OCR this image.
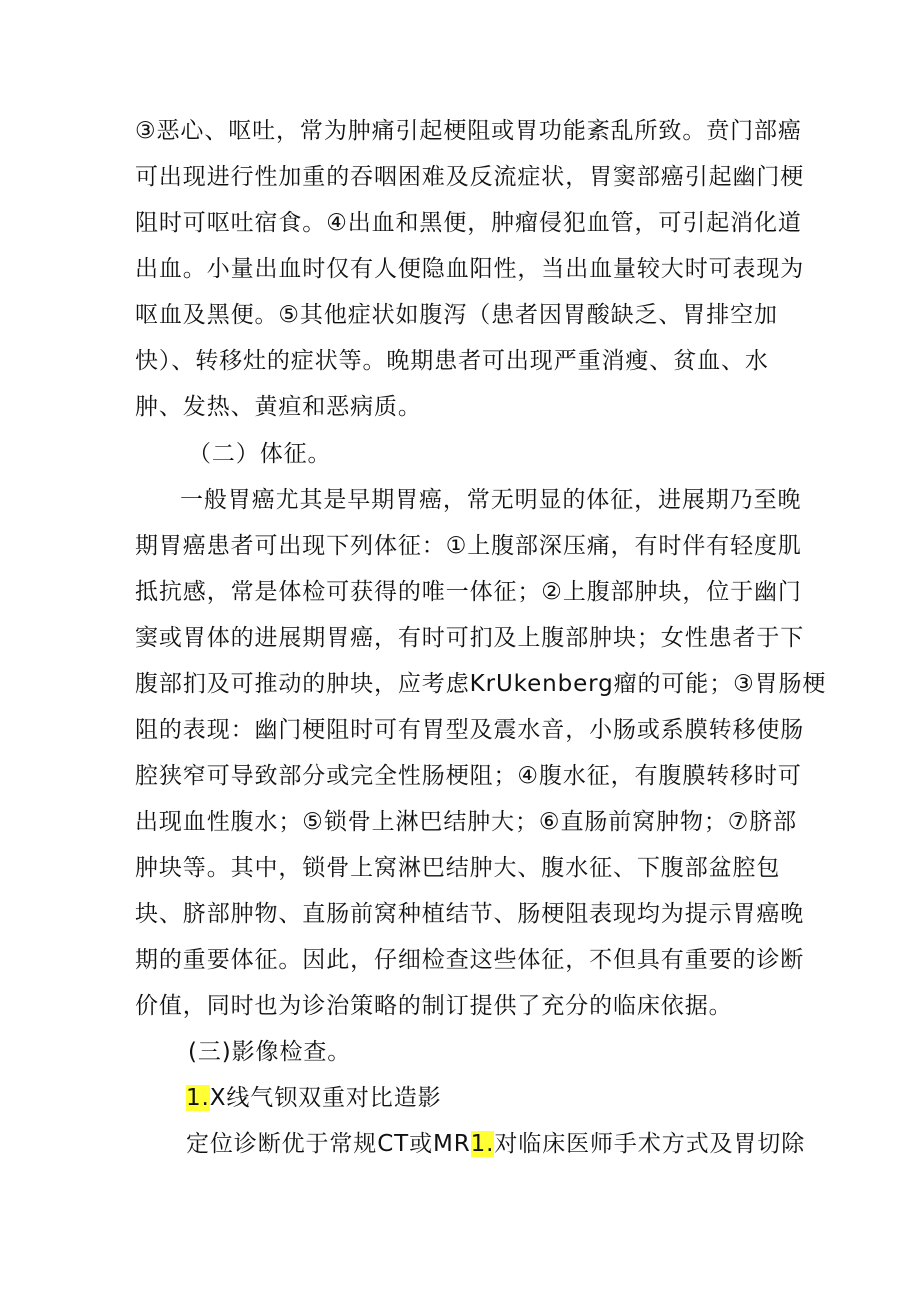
③恶心、呕吐，常为肿痛引起梗阻或胃功能紊乱所致。贲门部癌
可出现进行性加重的吞咽困难及反流症状，胃窦部癌引起幽门梗
阻时可呕吐宿食。④出血和黑便，肿瘤侵犯血管，可引起消化道
出血。小量出血时仅有人便隐血阳性，当出血量较大时可表现为
呕血及黑便。⑤其他症状如腹泻（患者因胃酸缺乏、胃排空加
快）、转移灶的症状等。晚期患者可出现严重消瘦、贫血、水
肿、发热、黄疸和恶病质。
（二）体征。
一般胃癌尤其是早期胃癌，常无明显的体征，进展期乃至晚
期胃癌患者可出现下列体征：①上腹部深压痛，有时伴有轻度肌
抵抗感，常是体检可获得的唯一体征；②上腹部肿块，位于幽门
窦或胃体的进展期胃癌，有时可扪及上腹部肿块；女性患者于下
腹部扪及可推动的肿块，应考虑KrUkenberg瘤的可能；③胃肠梗
阻的表现：幽门梗阻时可有胃型及震水音，小肠或系膜转移使肠
腔狭窄可导致部分或完全性肠梗阻；④腹水征，有腹膜转移时可
出现血性腹水；⑤锁骨上淋巴结肿大；⑥直肠前窝肿物；⑦脐部
肿块等。其中，锁骨上窝淋巴结肿大、腹水征、下腹部盆腔包
块、脐部肿物、直肠前窝种植结节、肠梗阻表现均为提示胃癌晚
期的重要体征。因此，仔细检查这些体征，不但具有重要的诊断
价值，同时也为诊治策略的制订提供了充分的临床依据。
(三)影像检查。
1.X线气钡双重对比造影
定位诊断优于常规CT或MR1.对临床医师手术方式及胃切除
